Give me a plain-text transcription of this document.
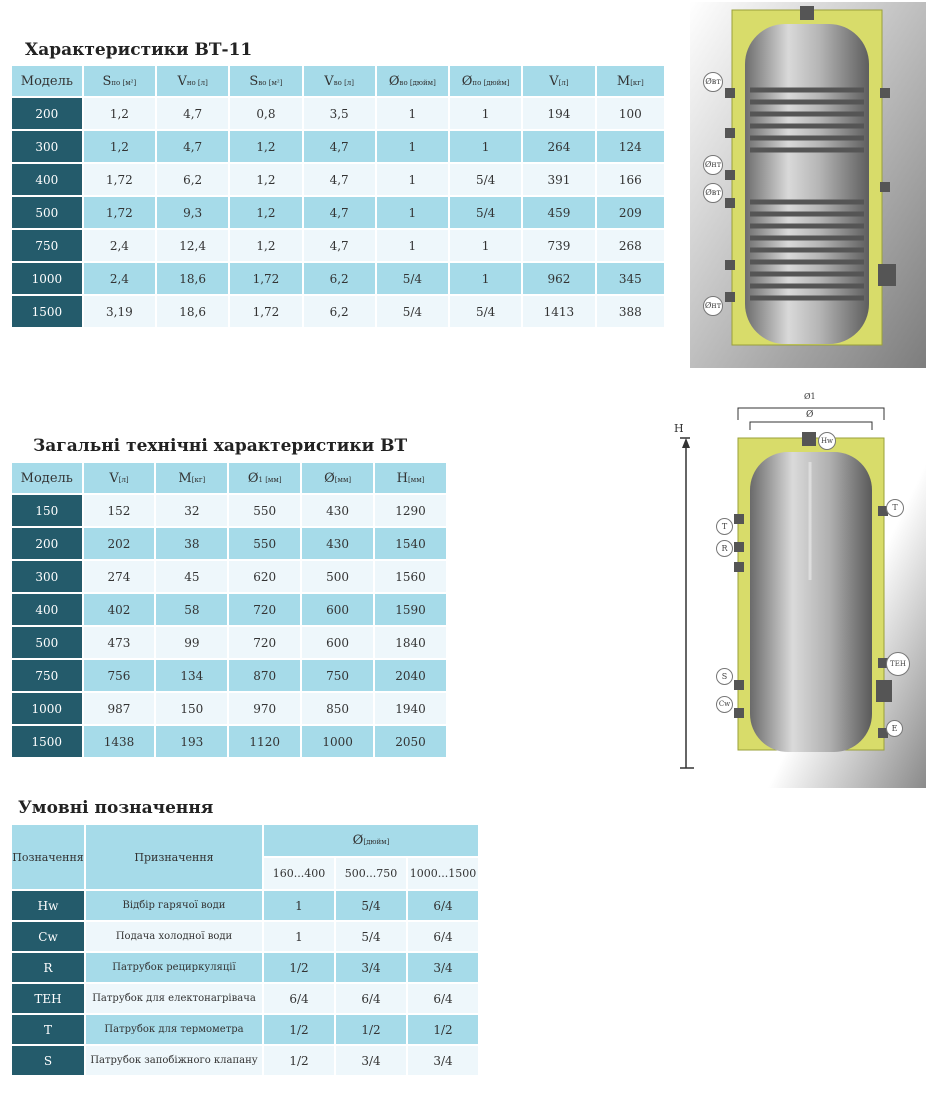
Характеристики ВТ-11
Модель	Sпо [м²]	Vно [л]	Sво [м²]	Vво [л]	Øво [дюйм]	Øпо [дюйм]	V[л]	M[кг]
200	1,2	4,7	0,8	3,5	1	1	194	100
300	1,2	4,7	1,2	4,7	1	1	264	124
400	1,72	6,2	1,2	4,7	1	5/4	391	166
500	1,72	9,3	1,2	4,7	1	5/4	459	209
750	2,4	12,4	1,2	4,7	1	1	739	268
1000	2,4	18,6	1,72	6,2	5/4	1	962	345
1500	3,19	18,6	1,72	6,2	5/4	5/4	1413	388
Загальні технічні характеристики ВТ
Модель	V[л]	M[кг]	Ø1 [мм]	Ø[мм]	H[мм]
150	152	32	550	430	1290
200	202	38	550	430	1540
300	274	45	620	500	1560
400	402	58	720	600	1590
500	473	99	720	600	1840
750	756	134	870	750	2040
1000	987	150	970	850	1940
1500	1438	193	1120	1000	2050
Умовні позначення
Позначення	Призначення	Ø[дюйм]		
		160...400	500...750	1000...1500
Hw	Відбір гарячої води	1	5/4	6/4
Cw	Подача холодної води	1	5/4	6/4
R	Патрубок рециркуляції	1/2	3/4	3/4
ТЕН	Патрубок для електонагрівача	6/4	6/4	6/4
T	Патрубок для термометра	1/2	1/2	1/2
S	Патрубок запобіжного клапану	1/2	3/4	3/4
Øвт
Øнт
Øвт
Øнт
H
Ø1
Ø
Hw
T
R
T
S
Cw
ТЕН
E
